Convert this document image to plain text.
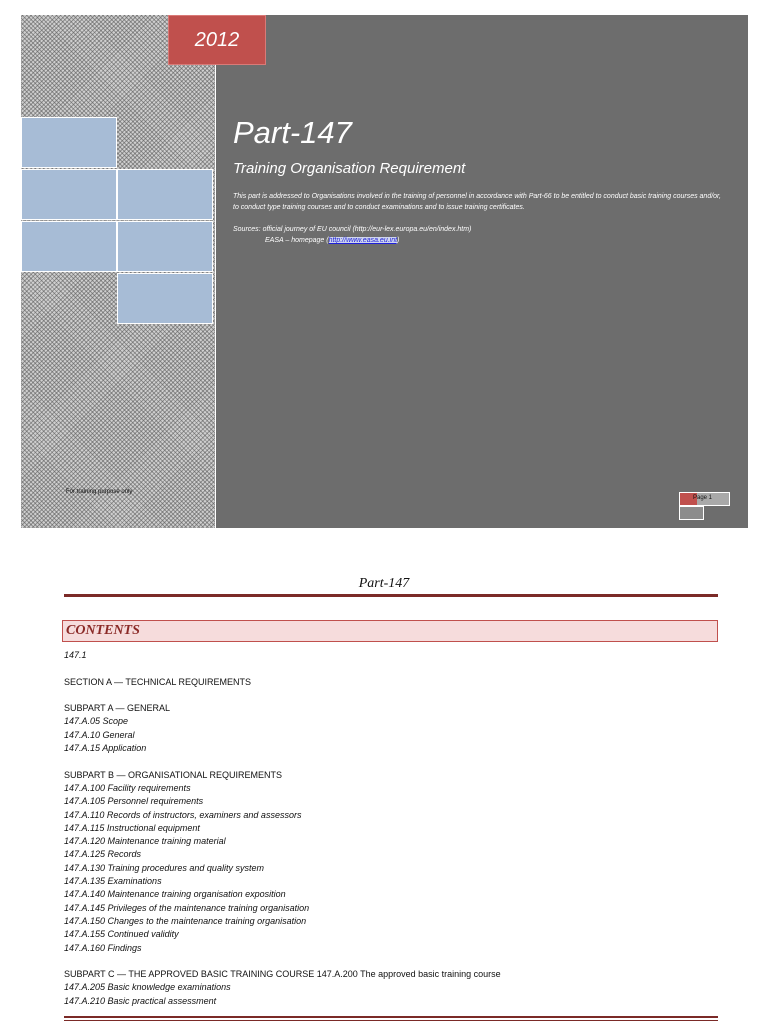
2012
Part-147

Training Organisation Requirement

This part is addressed to Organisations involved in the training of personnel in accordance with Part-66 to be entitled to conduct basic training courses and/or, to conduct type training courses and to conduct examinations and to issue training certificates.

Sources: official journey of EU council (http://eur-lex.europa.eu/en/index.htm)
EASA – homepage (http://www.easa.eu.int)
For training purpose only
Page 1
Part-147
CONTENTS
147.1
SECTION A — TECHNICAL REQUIREMENTS
SUBPART A — GENERAL
147.A.05 Scope
147.A.10 General
147.A.15 Application
SUBPART B — ORGANISATIONAL REQUIREMENTS
147.A.100 Facility requirements
147.A.105 Personnel requirements
147.A.110 Records of instructors, examiners and assessors
147.A.115 Instructional equipment
147.A.120 Maintenance training material
147.A.125 Records
147.A.130 Training procedures and quality system
147.A.135 Examinations
147.A.140 Maintenance training organisation exposition
147.A.145 Privileges of the maintenance training organisation
147.A.150 Changes to the maintenance training organisation
147.A.155 Continued validity
147.A.160 Findings
SUBPART C — THE APPROVED BASIC TRAINING COURSE 147.A.200 The approved basic training course
147.A.205 Basic knowledge examinations
147.A.210 Basic practical assessment
